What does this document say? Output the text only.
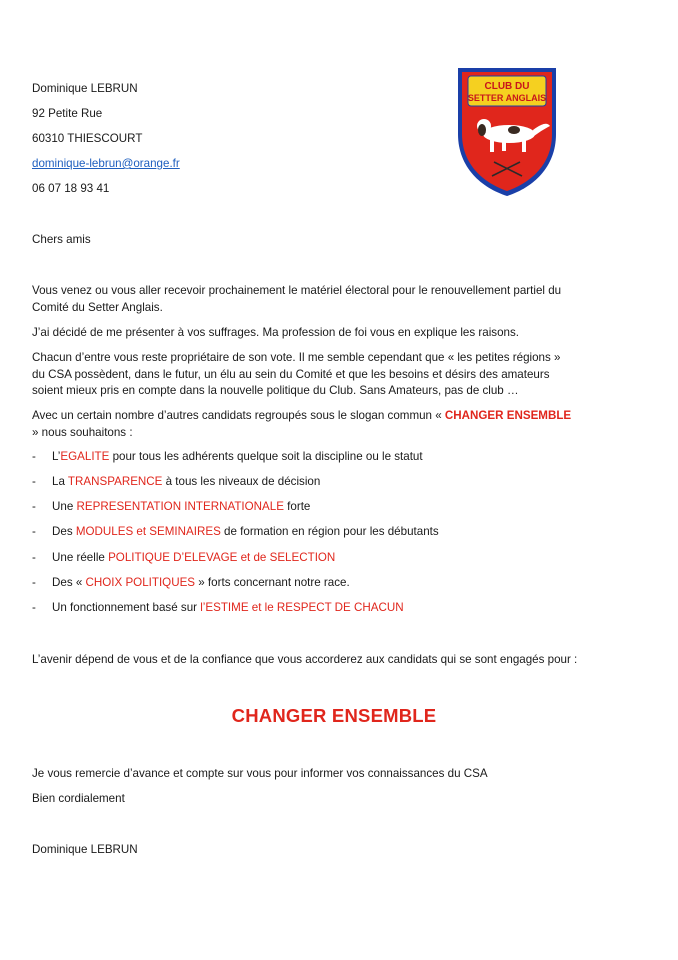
Dominique LEBRUN
92 Petite Rue
60310 THIESCOURT
dominique-lebrun@orange.fr
06 07 18 93 41
CLUB DU
SETTER ANGLAIS
Chers amis
Vous venez ou vous aller recevoir prochainement le matériel électoral pour le renouvellement partiel du Comité du Setter Anglais.
J’ai décidé de me présenter à vos suffrages. Ma profession de foi vous en explique les raisons.
Chacun d’entre vous reste propriétaire de son vote. Il me semble cependant que « les petites régions » du CSA possèdent, dans le futur, un élu au sein du Comité et que les besoins et désirs des amateurs soient mieux pris en compte dans la nouvelle politique du Club. Sans Amateurs, pas de club …
Avec un certain nombre d’autres candidats regroupés sous le slogan commun « CHANGER ENSEMBLE » nous souhaitons :
- L’EGALITE pour tous les adhérents quelque soit la discipline ou le statut
- La TRANSPARENCE à tous les niveaux de décision
- Une REPRESENTATION INTERNATIONALE forte
- Des MODULES et SEMINAIRES de formation en région pour les débutants
- Une réelle POLITIQUE D’ELEVAGE et de SELECTION
- Des « CHOIX POLITIQUES » forts concernant notre race.
- Un fonctionnement basé sur l’ESTIME et le RESPECT DE CHACUN
L’avenir dépend de vous et de la confiance que vous accorderez aux candidats qui se sont engagés pour :
CHANGER ENSEMBLE
Je vous remercie d’avance et compte sur vous pour informer vos connaissances du CSA
Bien cordialement
Dominique LEBRUN
